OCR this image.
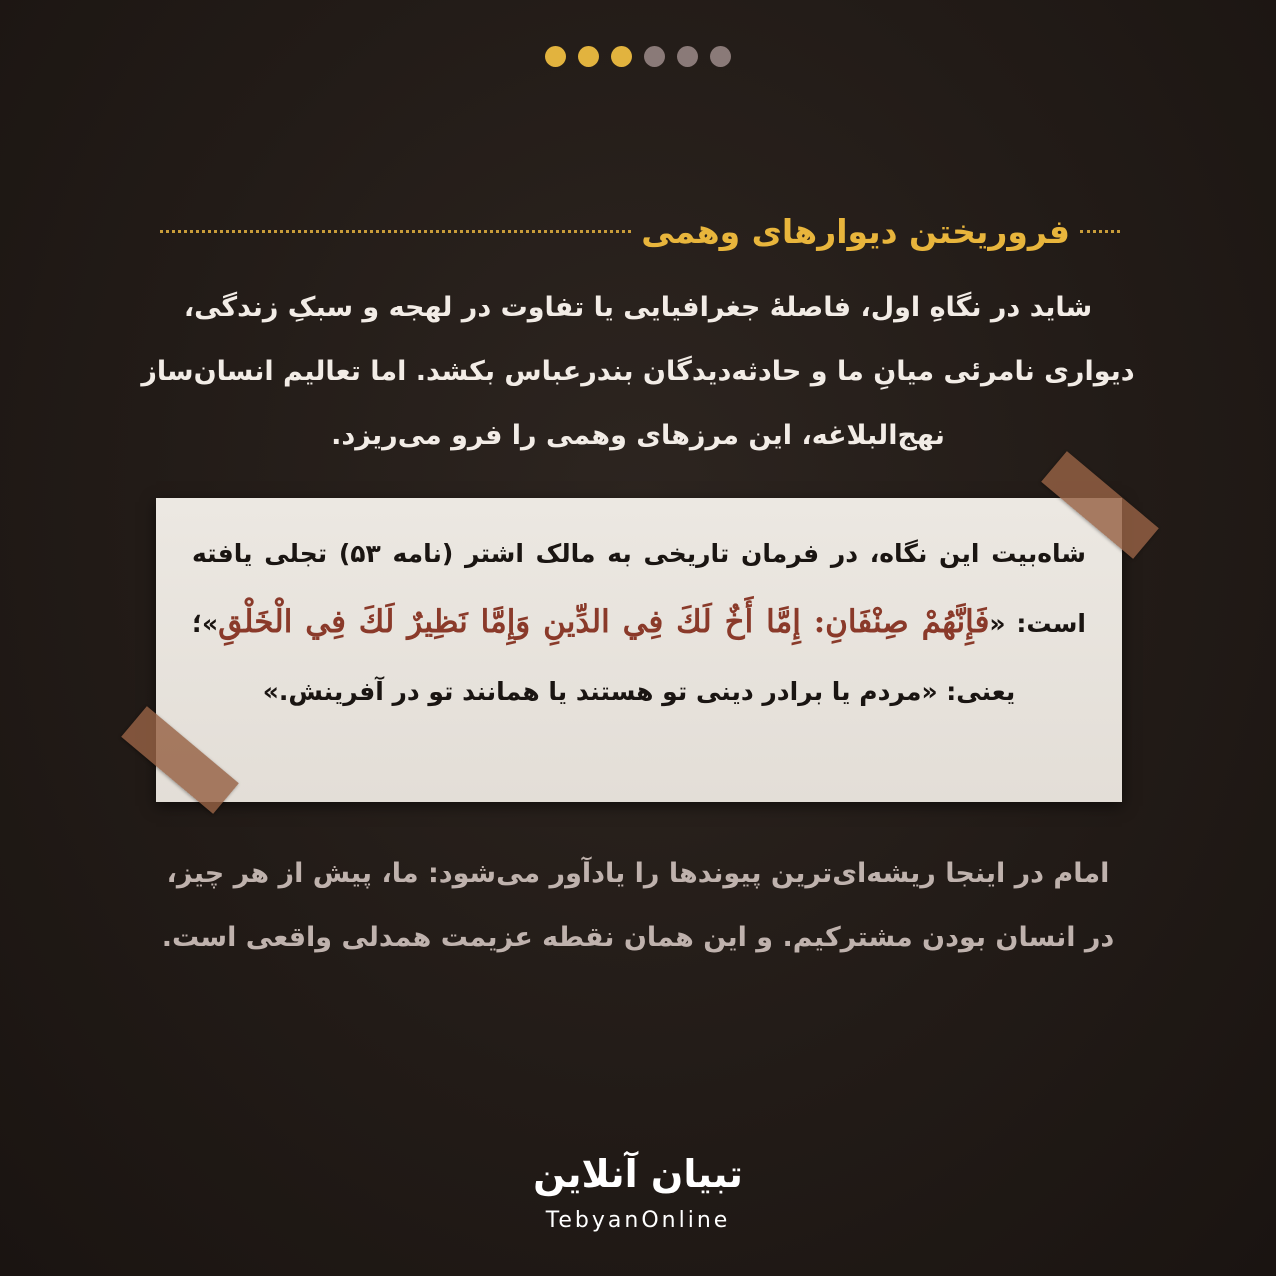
فروریختن دیوارهای وهمی
شاید در نگاهِ اول، فاصلۀ جغرافیایی یا تفاوت در لهجه و سبکِ زندگی، دیواری نامرئی میانِ ما و حادثه‌دیدگان بندرعباس بکشد. اما تعالیم انسان‌ساز نهج‌البلاغه، این مرزهای وهمی را فرو می‌ریزد.
شاه‌بیت این نگاه، در فرمان تاریخی به مالک اشتر (نامه ۵۳) تجلی یافته است: «فَإِنَّهُمْ صِنْفَانِ: إِمَّا أَخٌ لَكَ فِي الدِّينِ وَإِمَّا نَظِيرٌ لَكَ فِي الْخَلْقِ»؛ یعنی: «مردم یا برادر دینی تو هستند یا همانند تو در آفرینش.»
امام در اینجا ریشه‌ای‌ترین پیوندها را یادآور می‌شود: ما، پیش از هر چیز، در انسان بودن مشترکیم. و این همان نقطه عزیمت همدلی واقعی است.
تبیان آنلاین
TebyanOnline
